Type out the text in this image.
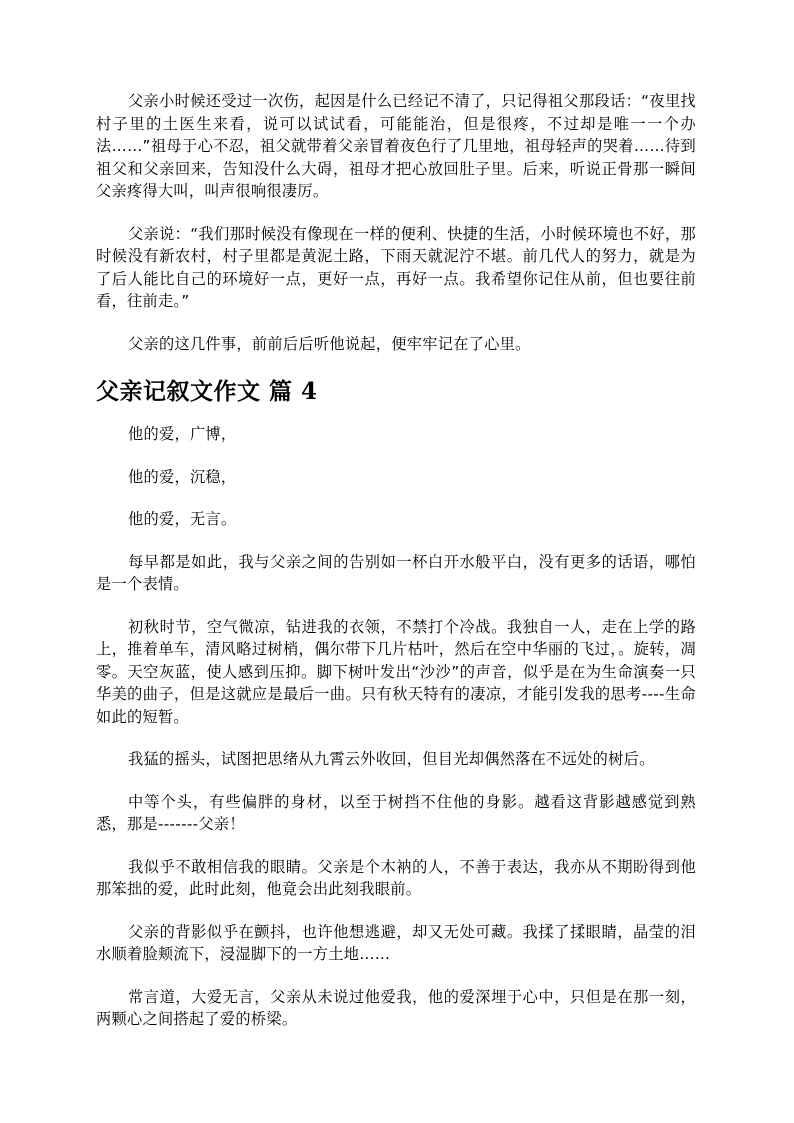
父亲小时候还受过一次伤，起因是什么已经记不清了，只记得祖父那段话：“夜里找村子里的土医生来看，说可以试试看，可能能治，但是很疼，不过却是唯一一个办法……”祖母于心不忍，祖父就带着父亲冒着夜色行了几里地，祖母轻声的哭着……待到祖父和父亲回来，告知没什么大碍，祖母才把心放回肚子里。后来，听说正骨那一瞬间父亲疼得大叫，叫声很响很凄厉。

父亲说：“我们那时候没有像现在一样的便利、快捷的生活，小时候环境也不好，那时候没有新农村，村子里都是黄泥土路，下雨天就泥泞不堪。前几代人的努力，就是为了后人能比自己的环境好一点，更好一点，再好一点。我希望你记住从前，但也要往前看，往前走。”

父亲的这几件事，前前后后听他说起，便牢牢记在了心里。

父亲记叙文作文 篇 4

他的爱，广博，

他的爱，沉稳，

他的爱，无言。

每早都是如此，我与父亲之间的告别如一杯白开水般平白，没有更多的话语，哪怕是一个表情。

初秋时节，空气微凉，钻进我的衣领，不禁打个冷战。我独自一人，走在上学的路上，推着单车，清风略过树梢，偶尔带下几片枯叶，然后在空中华丽的飞过，。旋转，凋零。天空灰蓝，使人感到压抑。脚下树叶发出“沙沙”的声音，似乎是在为生命演奏一只华美的曲子，但是这就应是最后一曲。只有秋天特有的凄凉，才能引发我的思考----生命如此的短暂。

我猛的摇头，试图把思绪从九霄云外收回，但目光却偶然落在不远处的树后。

中等个头，有些偏胖的身材，以至于树挡不住他的身影。越看这背影越感觉到熟悉，那是-------父亲！

我似乎不敢相信我的眼睛。父亲是个木衲的人，不善于表达，我亦从不期盼得到他那笨拙的爱，此时此刻，他竟会出此刻我眼前。

父亲的背影似乎在颤抖，也许他想逃避，却又无处可藏。我揉了揉眼睛，晶莹的泪水顺着脸颊流下，浸湿脚下的一方土地……

常言道，大爱无言，父亲从未说过他爱我，他的爱深埋于心中，只但是在那一刻，两颗心之间搭起了爱的桥梁。
